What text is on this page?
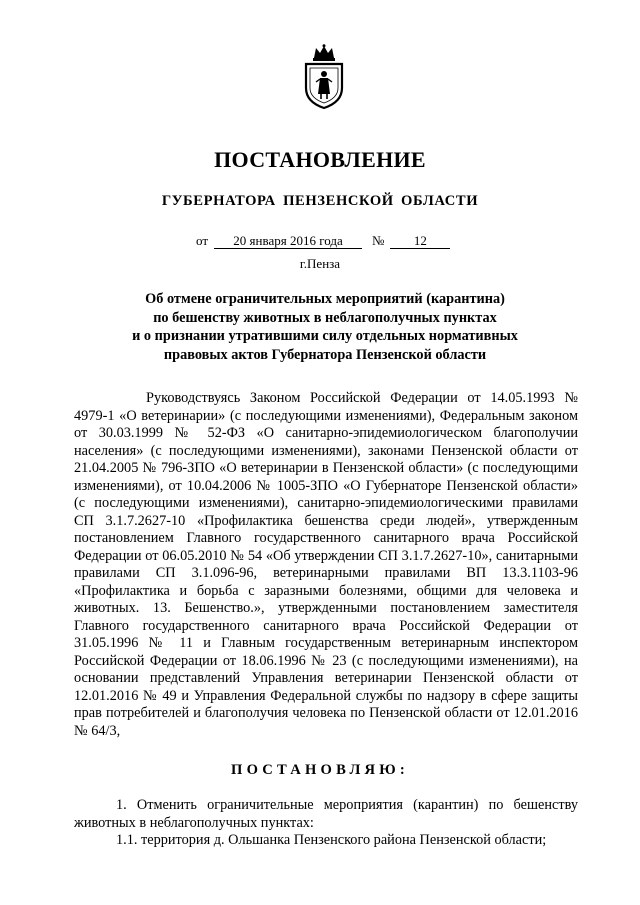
ПОСТАНОВЛЕНИЕ
ГУБЕРНАТОРА ПЕНЗЕНСКОЙ ОБЛАСТИ
от 20 января 2016 года № 12
г.Пенза
Об отмене ограничительных мероприятий (карантина)
по бешенству животных в неблагополучных пунктах
и о признании утратившими силу отдельных нормативных
правовых актов Губернатора Пензенской области

Руководствуясь Законом Российской Федерации от 14.05.1993 № 4979-1 «О ветеринарии» (с последующими изменениями), Федеральным законом от 30.03.1999 № 52-ФЗ «О санитарно-эпидемиологическом благополучии населения» (с последующими изменениями), законами Пензенской области от 21.04.2005 № 796-ЗПО «О ветеринарии в Пензенской области» (с последующими изменениями), от 10.04.2006 № 1005-ЗПО «О Губернаторе Пензенской области» (с последующими изменениями), санитарно-эпидемиологическими правилами СП 3.1.7.2627-10 «Профилактика бешенства среди людей», утвержденным постановлением Главного государственного санитарного врача Российской Федерации от 06.05.2010 № 54 «Об утверждении СП 3.1.7.2627-10», санитарными правилами СП 3.1.096-96, ветеринарными правилами ВП 13.3.1103-96 «Профилактика и борьба с заразными болезнями, общими для человека и животных. 13. Бешенство.», утвержденными постановлением заместителя Главного государственного санитарного врача Российской Федерации от 31.05.1996 № 11 и Главным государственным ветеринарным инспектором Российской Федерации от 18.06.1996 № 23 (с последующими изменениями), на основании представлений Управления ветеринарии Пензенской области от 12.01.2016 № 49 и Управления Федеральной службы по надзору в сфере защиты прав потребителей и благополучия человека по Пензенской области от 12.01.2016 № 64/3,

ПОСТАНОВЛЯЮ:

1. Отменить ограничительные мероприятия (карантин) по бешенству животных в неблагополучных пунктах:

1.1. территория д. Ольшанка Пензенского района Пензенской области;
